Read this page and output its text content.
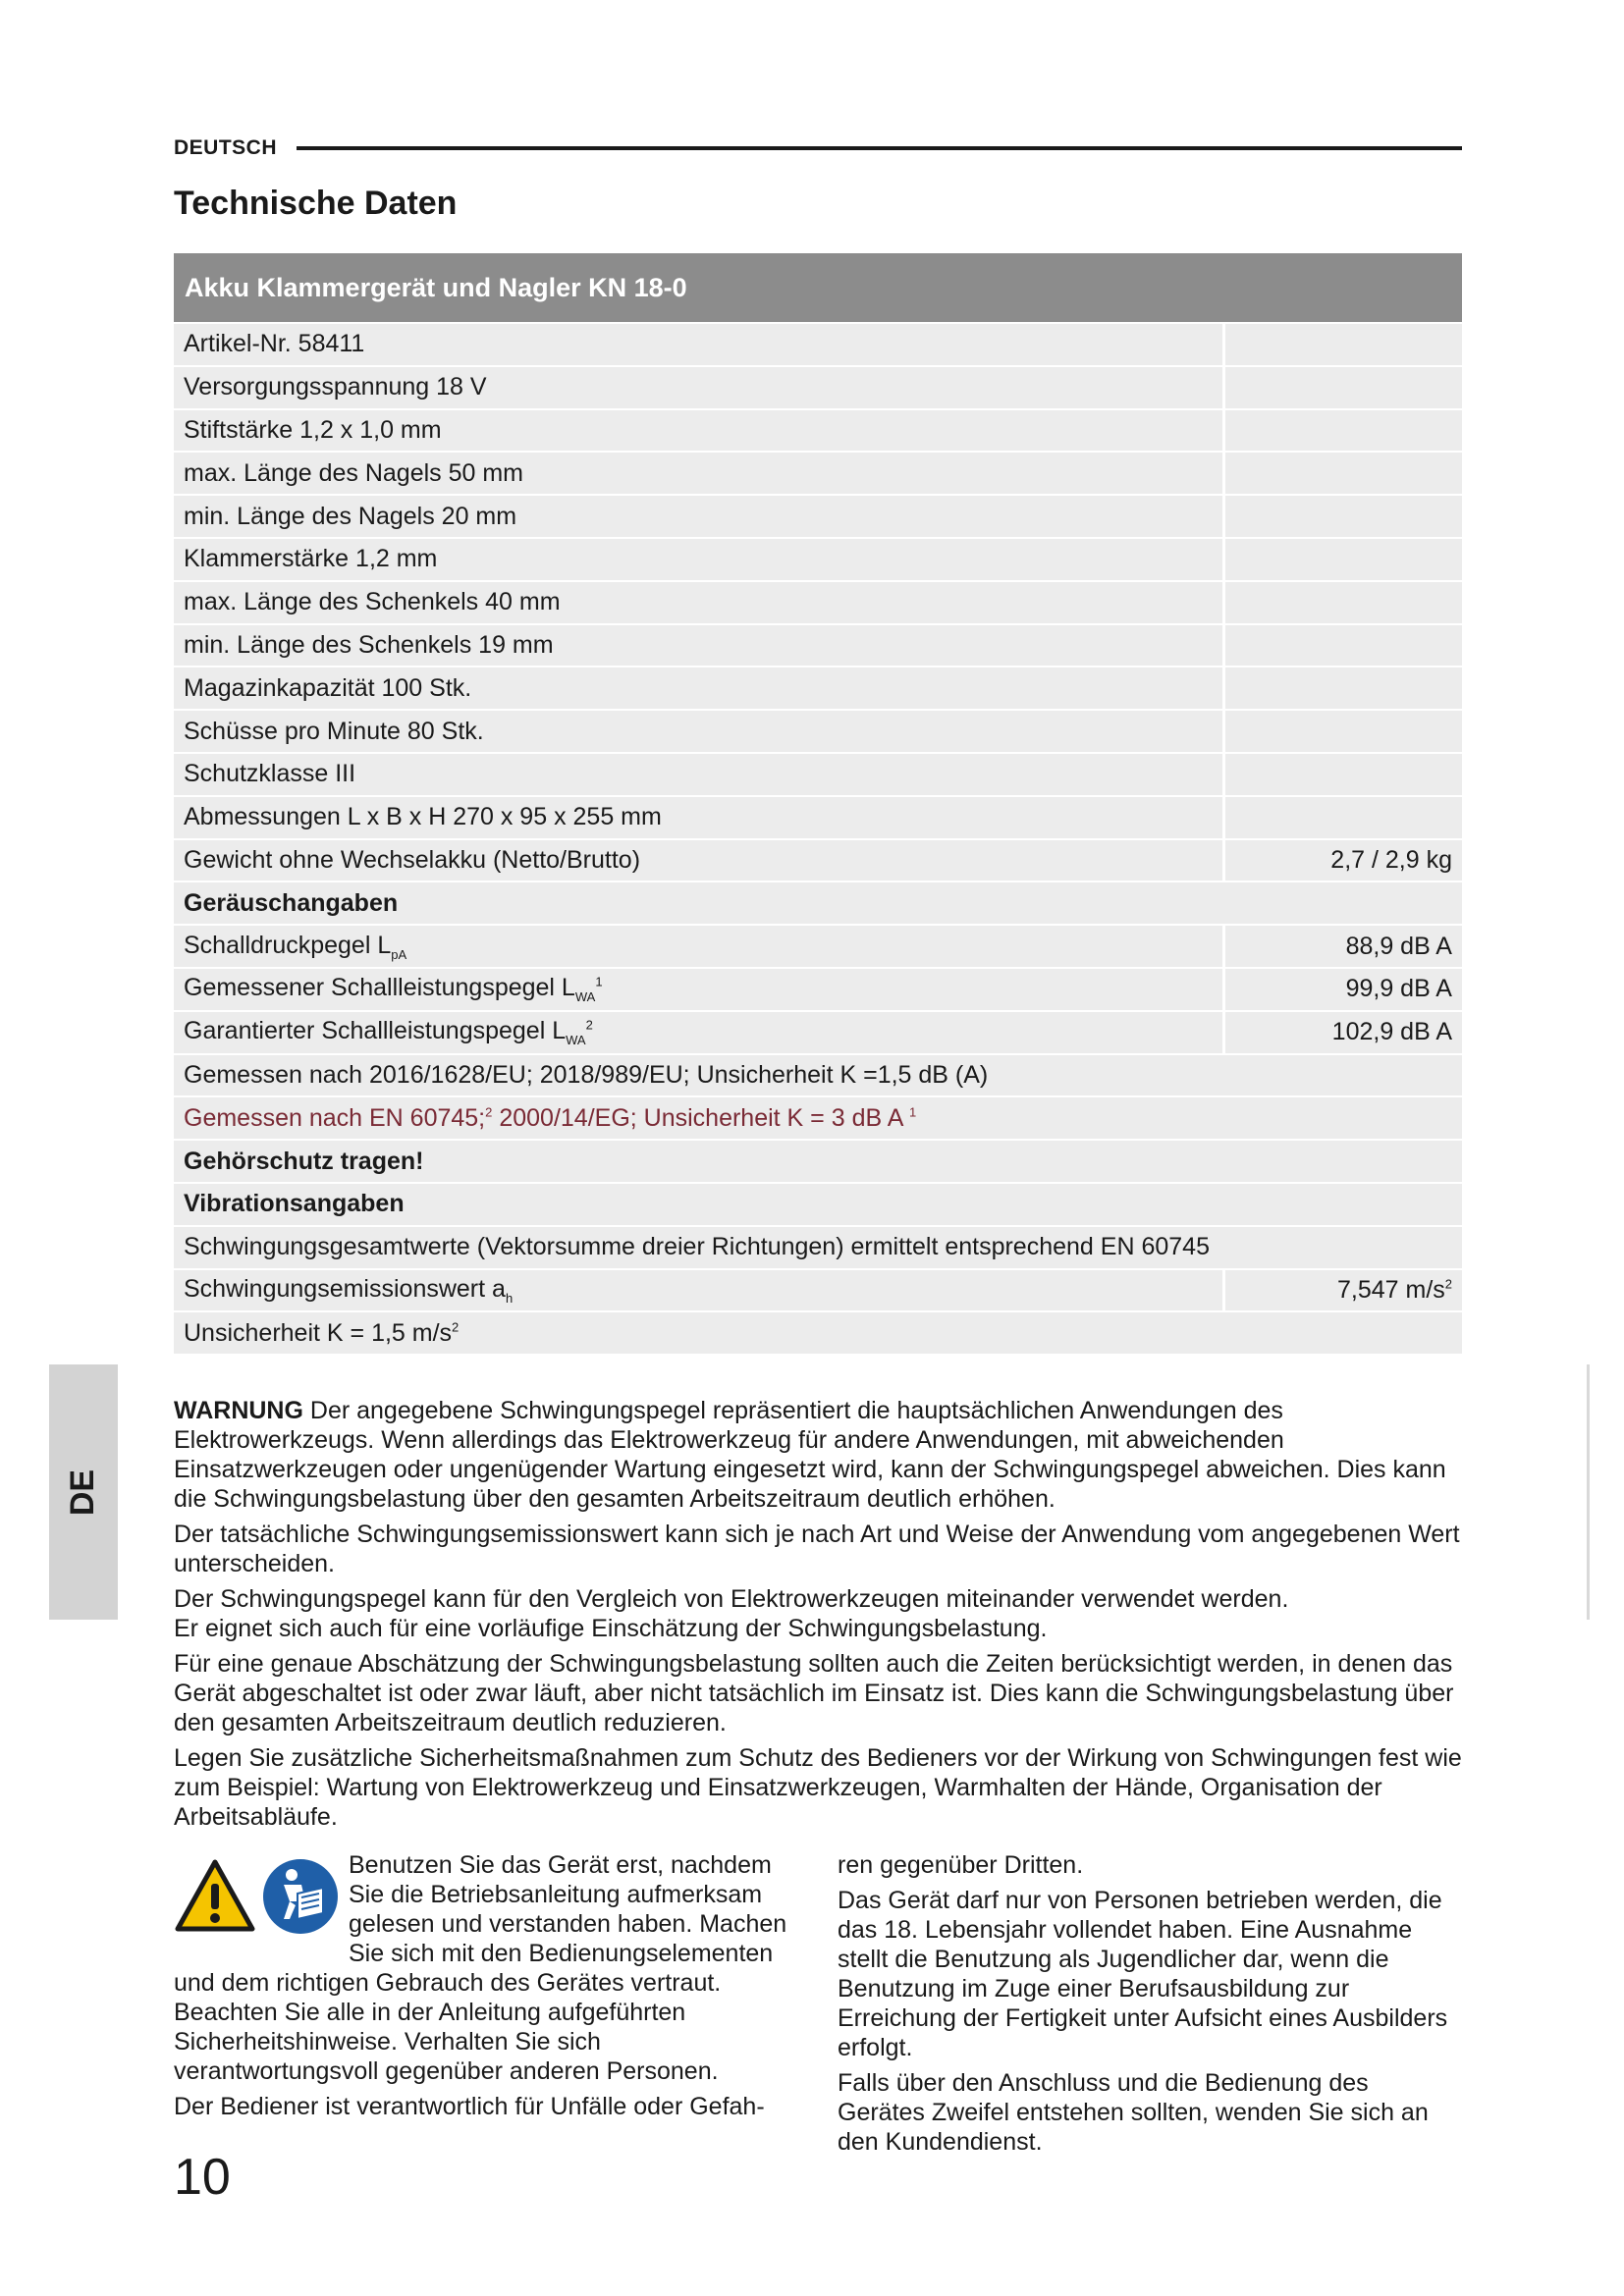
DEUTSCH
Technische Daten
Akku Klammergerät und Nagler KN 18-0	
Artikel-Nr. 58411	
Versorgungsspannung 18 V	
Stiftstärke 1,2 x 1,0 mm	
max. Länge des Nagels 50 mm	
min. Länge des Nagels 20 mm	
Klammerstärke 1,2 mm	
max. Länge des Schenkels 40 mm	
min. Länge des Schenkels 19 mm	
Magazinkapazität 100 Stk.	
Schüsse pro Minute 80 Stk.	
Schutzklasse III	
Abmessungen L x B x H 270 x 95 x 255 mm	
Gewicht ohne Wechselakku (Netto/Brutto)	2,7 / 2,9 kg
Geräuschangaben	
Schalldruckpegel $L_{pA}$	88,9 dB A
Gemessener Schallleistungspegel $L_{WA}^1$	99,9 dB A
Garantierter Schallleistungspegel $L_{WA}^2$	102,9 dB A
Gemessen nach 2016/1628/EU; 2018/989/EU; Unsicherheit K =1,5 dB (A)	
Gemessen nach EN 60745;$^2$ 2000/14/EG; Unsicherheit K = 3 dB A $^1$
Gehörschutz tragen!	
Vibrationsangaben	
Schwingungsgesamtwerte (Vektorsumme dreier Richtungen) ermittelt entsprechend EN 60745	
Schwingungsemissionswert $a_h$	7,547 $m/s^2$
Unsicherheit K = 1,5 $m/s^2$
DE

WARNUNG Der angegebene Schwingungspegel repräsentiert die hauptsächlichen Anwendungen des Elektrowerkzeugs. Wenn allerdings das Elektrowerkzeug für andere Anwendungen, mit abweichenden Einsatzwerkzeugen oder ungenügender Wartung eingesetzt wird, kann der Schwingungspegel abweichen. Dies kann die Schwingungsbelastung über den gesamten Arbeitszeitraum deutlich erhöhen.

Der tatsächliche Schwingungsemissionswert kann sich je nach Art und Weise der Anwendung vom angegebenen Wert unterscheiden.

Der Schwingungspegel kann für den Vergleich von Elektrowerkzeugen miteinander verwendet werden.

Er eignet sich auch für eine vorläufige Einschätzung der Schwingungsbelastung.

Für eine genaue Abschätzung der Schwingungsbelastung sollten auch die Zeiten berücksichtigt werden, in denen das Gerät abgeschaltet ist oder zwar läuft, aber nicht tatsächlich im Einsatz ist. Dies kann die Schwingungsbelastung über den gesamten Arbeitszeitraum deutlich reduzieren.

Legen Sie zusätzliche Sicherheitsmaßnahmen zum Schutz des Bedieners vor der Wirkung von Schwingungen fest wie zum Beispiel: Wartung von Elektrowerkzeug und Einsatzwerkzeugen, Warmhalten der Hände, Organisation der Arbeitsabläufe.

Benutzen Sie das Gerät erst, nachdem Sie die Betriebsanleitung aufmerksam gelesen und verstanden haben. Machen Sie sich mit den Bedienungselementen und dem richtigen Gebrauch des Gerätes vertraut. Beachten Sie alle in der Anleitung aufgeführten Sicherheitshinweise. Verhalten Sie sich verantwortungsvoll gegenüber anderen Personen.

Der Bediener ist verantwortlich für Unfälle oder Gefah-

ren gegenüber Dritten.

Das Gerät darf nur von Personen betrieben werden, die das 18. Lebensjahr vollendet haben. Eine Ausnahme stellt die Benutzung als Jugendlicher dar, wenn die Benutzung im Zuge einer Berufsausbildung zur Erreichung der Fertigkeit unter Aufsicht eines Ausbilders erfolgt.

Falls über den Anschluss und die Bedienung des Gerätes Zweifel entstehen sollten, wenden Sie sich an den Kundendienst.

10
